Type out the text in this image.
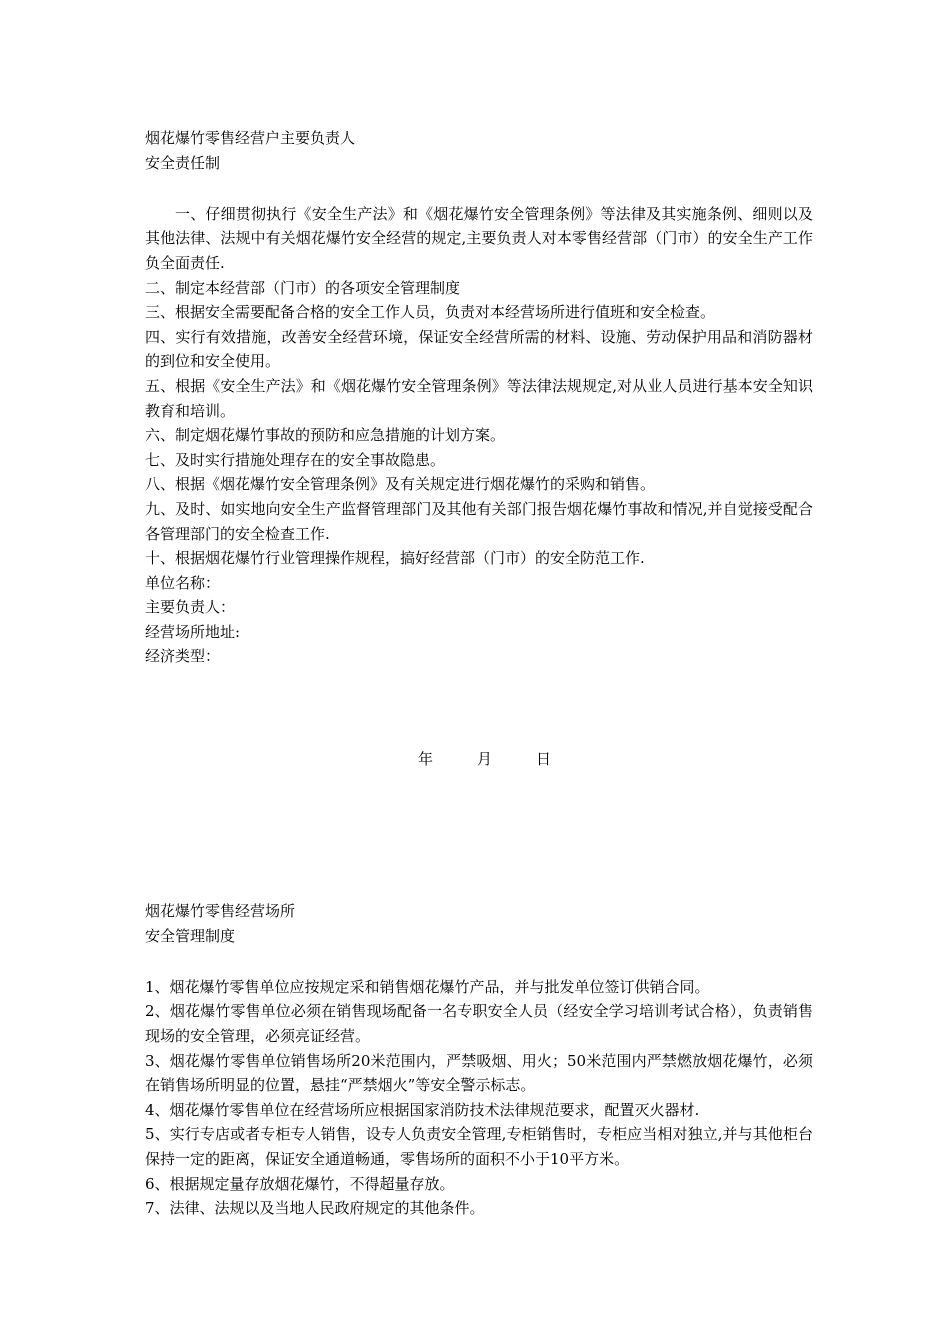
烟花爆竹零售经营户主要负责人
安全责任制
一、仔细贯彻执行《安全生产法》和《烟花爆竹安全管理条例》等法律及其实施条例、细则以及其他法律、法规中有关烟花爆竹安全经营的规定,主要负责人对本零售经营部（门市）的安全生产工作负全面责任.
二、制定本经营部（门市）的各项安全管理制度
三、根据安全需要配备合格的安全工作人员，负责对本经营场所进行值班和安全检查。
四、实行有效措施，改善安全经营环境，保证安全经营所需的材料、设施、劳动保护用品和消防器材的到位和安全使用。
五、根据《安全生产法》和《烟花爆竹安全管理条例》等法律法规规定,对从业人员进行基本安全知识教育和培训。
六、制定烟花爆竹事故的预防和应急措施的计划方案。
七、及时实行措施处理存在的安全事故隐患。
八、根据《烟花爆竹安全管理条例》及有关规定进行烟花爆竹的采购和销售。
九、及时、如实地向安全生产监督管理部门及其他有关部门报告烟花爆竹事故和情况,并自觉接受配合各管理部门的安全检查工作.
十、根据烟花爆竹行业管理操作规程，搞好经营部（门市）的安全防范工作.
单位名称：
主要负责人：
经营场所地址:
经济类型：

年	月	日

烟花爆竹零售经营场所
安全管理制度
1、烟花爆竹零售单位应按规定采和销售烟花爆竹产品，并与批发单位签订供销合同。
2、烟花爆竹零售单位必须在销售现场配备一名专职安全人员（经安全学习培训考试合格），负责销售现场的安全管理，必须亮证经营。
3、烟花爆竹零售单位销售场所20米范围内，严禁吸烟、用火；50米范围内严禁燃放烟花爆竹，必须在销售场所明显的位置，悬挂“严禁烟火”等安全警示标志。
4、烟花爆竹零售单位在经营场所应根据国家消防技术法律规范要求，配置灭火器材.
5、实行专店或者专柜专人销售，设专人负责安全管理,专柜销售时，专柜应当相对独立,并与其他柜台保持一定的距离，保证安全通道畅通，零售场所的面积不小于10平方米。
6、根据规定量存放烟花爆竹，不得超量存放。
7、法律、法规以及当地人民政府规定的其他条件。
